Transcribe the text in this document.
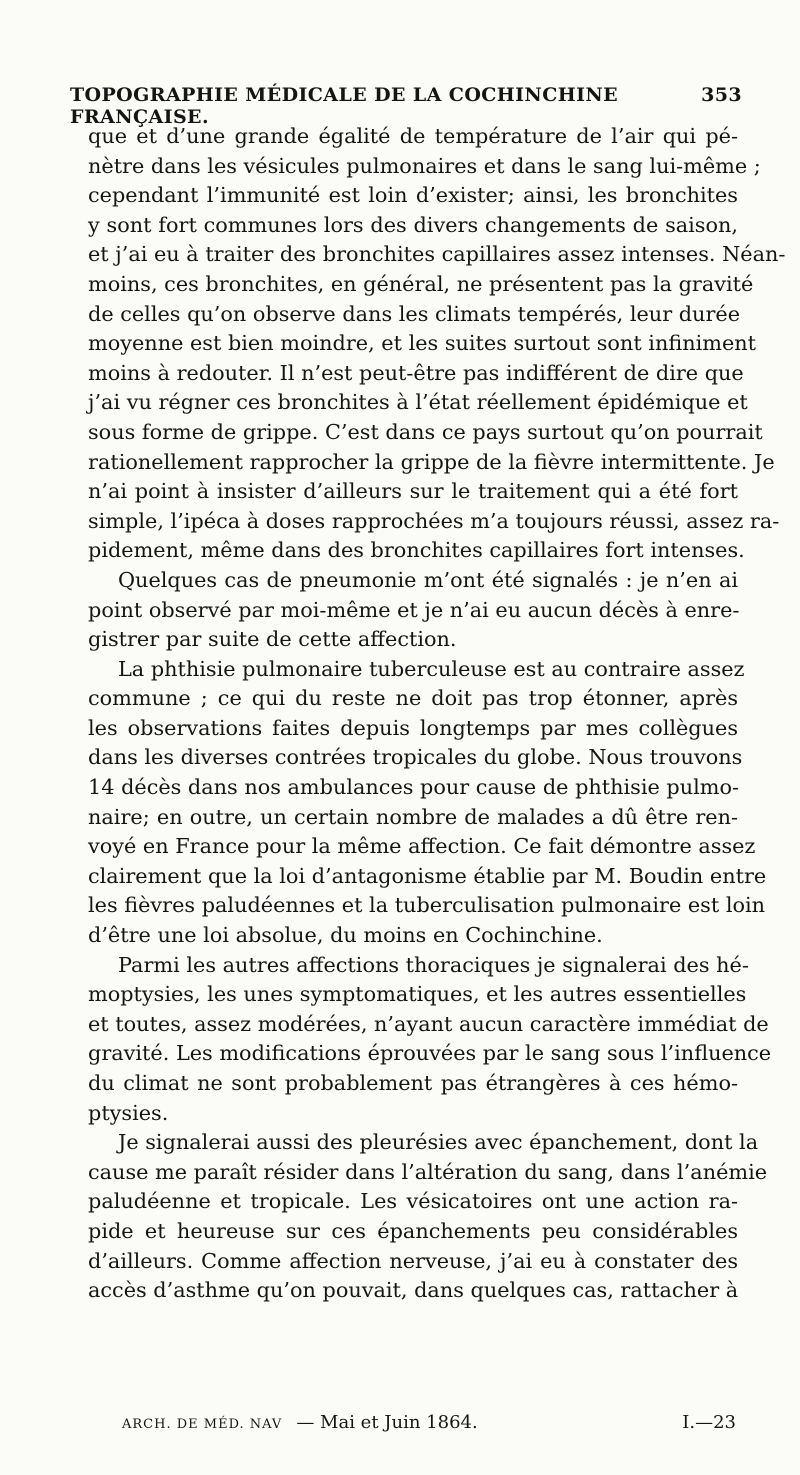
TOPOGRAPHIE MÉDICALE DE LA COCHINCHINE FRANÇAISE.
353
que et d’une grande égalité de température de l’air qui pé-
nètre dans les vésicules pulmonaires et dans le sang lui-même ;
cependant l’immunité est loin d’exister; ainsi, les bronchites
y sont fort communes lors des divers changements de saison,
et j’ai eu à traiter des bronchites capillaires assez intenses. Néan-
moins, ces bronchites, en général, ne présentent pas la gravité
de celles qu’on observe dans les climats tempérés, leur durée
moyenne est bien moindre, et les suites surtout sont infiniment
moins à redouter. Il n’est peut-être pas indifférent de dire que
j’ai vu régner ces bronchites à l’état réellement épidémique et
sous forme de grippe. C’est dans ce pays surtout qu’on pourrait
rationellement rapprocher la grippe de la fièvre intermittente. Je
n’ai point à insister d’ailleurs sur le traitement qui a été fort
simple, l’ipéca à doses rapprochées m’a toujours réussi, assez ra-
pidement, même dans des bronchites capillaires fort intenses.
Quelques cas de pneumonie m’ont été signalés : je n’en ai
point observé par moi-même et je n’ai eu aucun décès à enre-
gistrer par suite de cette affection.
La phthisie pulmonaire tuberculeuse est au contraire assez
commune ; ce qui du reste ne doit pas trop étonner, après
les observations faites depuis longtemps par mes collègues
dans les diverses contrées tropicales du globe. Nous trouvons
14 décès dans nos ambulances pour cause de phthisie pulmo-
naire; en outre, un certain nombre de malades a dû être ren-
voyé en France pour la même affection. Ce fait démontre assez
clairement que la loi d’antagonisme établie par M. Boudin entre
les fièvres paludéennes et la tuberculisation pulmonaire est loin
d’être une loi absolue, du moins en Cochinchine.
Parmi les autres affections thoraciques je signalerai des hé-
moptysies, les unes symptomatiques, et les autres essentielles
et toutes, assez modérées, n’ayant aucun caractère immédiat de
gravité. Les modifications éprouvées par le sang sous l’influence
du climat ne sont probablement pas étrangères à ces hémo-
ptysies.
Je signalerai aussi des pleurésies avec épanchement, dont la
cause me paraît résider dans l’altération du sang, dans l’anémie
paludéenne et tropicale. Les vésicatoires ont une action ra-
pide et heureuse sur ces épanchements peu considérables
d’ailleurs. Comme affection nerveuse, j’ai eu à constater des
accès d’asthme qu’on pouvait, dans quelques cas, rattacher à
ARCH. DE MÉD. NAV — Mai et Juin 1864.	I.—23
